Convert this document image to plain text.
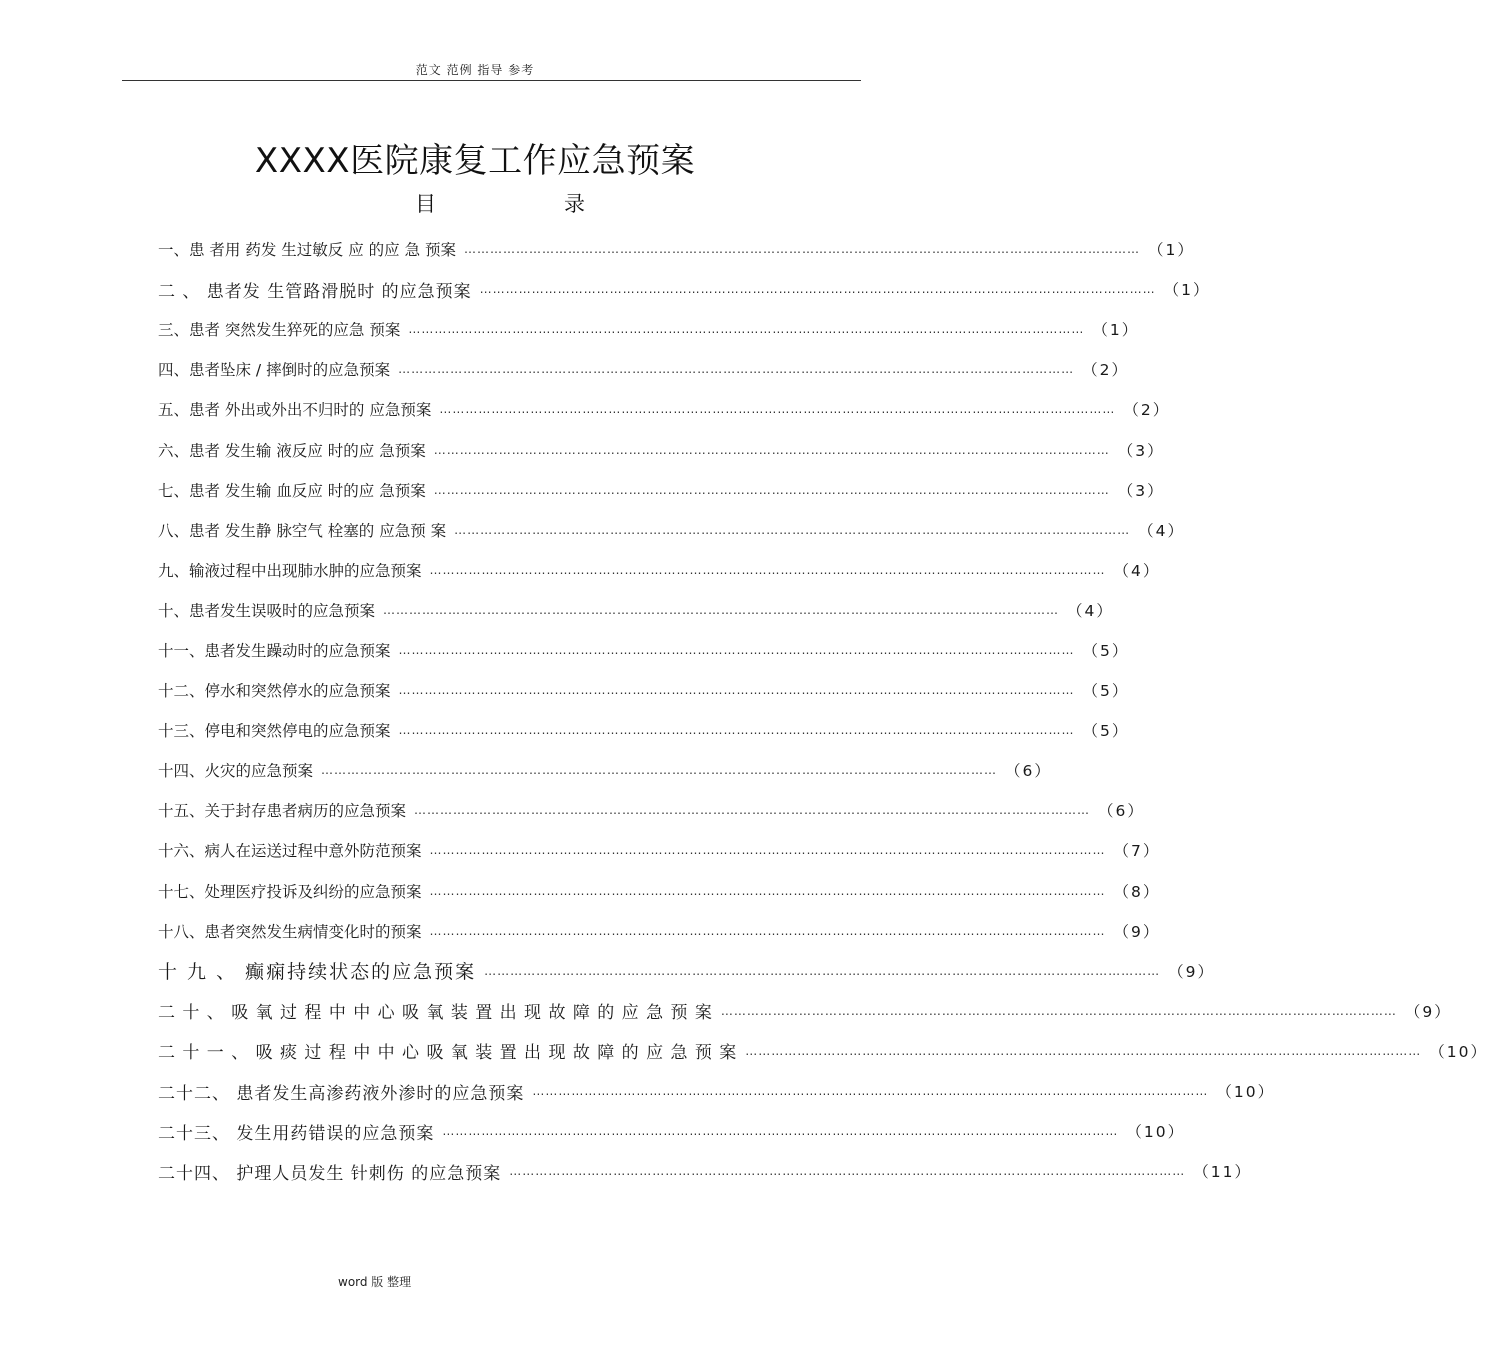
范文 范例 指导 参考
XXXX医院康复工作应急预案
目	录
一、患 者用 药发 生过敏反 应 的应 急 预案 …………………………………………………………………………………………………………………………………………	（1）
二 、 患者发 生管路滑脱时 的应急预案 …………………………………………………………………………………………………………………………………………	（1）
三、患者 突然发生猝死的应急 预案 …………………………………………………………………………………………………………………………………………	（1）
四、患者坠床 / 摔倒时的应急预案 …………………………………………………………………………………………………………………………………………	（2）
五、患者 外出或外出不归时的 应急预案 …………………………………………………………………………………………………………………………………………	（2）
六、患者 发生输 液反应 时的应 急预案 …………………………………………………………………………………………………………………………………………	（3）
七、患者 发生输 血反应 时的应 急预案 …………………………………………………………………………………………………………………………………………	（3）
八、患者 发生静 脉空气 栓塞的 应急预 案 …………………………………………………………………………………………………………………………………………	（4）
九、输液过程中出现肺水肿的应急预案 …………………………………………………………………………………………………………………………………………	（4）
十、患者发生误吸时的应急预案 …………………………………………………………………………………………………………………………………………	（4）
十一、患者发生躁动时的应急预案 …………………………………………………………………………………………………………………………………………	（5）
十二、停水和突然停水的应急预案 …………………………………………………………………………………………………………………………………………	（5）
十三、停电和突然停电的应急预案 …………………………………………………………………………………………………………………………………………	（5）
十四、火灾的应急预案 …………………………………………………………………………………………………………………………………………	（6）
十五、关于封存患者病历的应急预案 …………………………………………………………………………………………………………………………………………	（6）
十六、病人在运送过程中意外防范预案 …………………………………………………………………………………………………………………………………………	（7）
十七、处理医疗投诉及纠纷的应急预案 …………………………………………………………………………………………………………………………………………	（8）
十八、患者突然发生病情变化时的预案 …………………………………………………………………………………………………………………………………………	（9）
十 九 、 癫痫持续状态的应急预案 …………………………………………………………………………………………………………………………………………	（9）
二 十 、 吸 氧 过 程 中 中 心 吸 氧 装 置 出 现 故 障 的 应 急 预 案 …………………………………………………………………………………………………………………………………………	（9）
二 十 一 、 吸 痰 过 程 中 中 心 吸 氧 装 置 出 现 故 障 的 应 急 预 案 …………………………………………………………………………………………………………………………………………	（10）
二十二、 患者发生高渗药液外渗时的应急预案 …………………………………………………………………………………………………………………………………………	（10）
二十三、 发生用药错误的应急预案 …………………………………………………………………………………………………………………………………………	（10）
二十四、 护理人员发生 针刺伤 的应急预案 …………………………………………………………………………………………………………………………………………	（11）
word 版 整理
